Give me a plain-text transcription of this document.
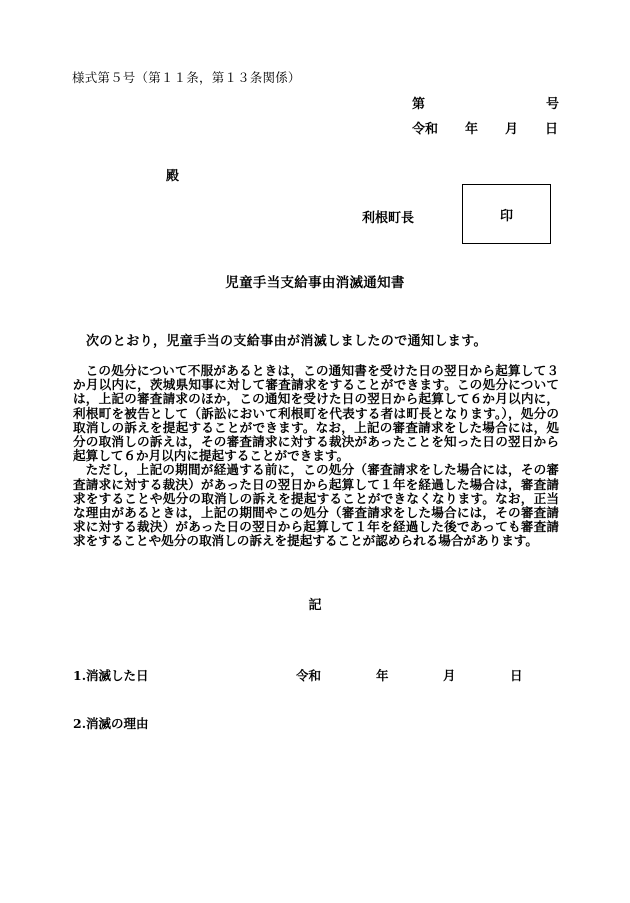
様式第５号（第１１条，第１３条関係）
第	号
令和 年 月 日
殿
利根町長	印
児童手当支給事由消滅通知書
次のとおり，児童手当の支給事由が消滅しましたので通知します。

この処分について不服があるときは，この通知書を受けた日の翌日から起算して３か月以内に，茨城県知事に対して審査請求をすることができます。この処分については，上記の審査請求のほか，この通知を受けた日の翌日から起算して６か月以内に，利根町を被告として（訴訟において利根町を代表する者は町長となります。），処分の取消しの訴えを提起することができます。なお，上記の審査請求をした場合には，処分の取消しの訴えは，その審査請求に対する裁決があったことを知った日の翌日から起算して６か月以内に提起することができます。

ただし，上記の期間が経過する前に，この処分（審査請求をした場合には，その審査請求に対する裁決）があった日の翌日から起算して１年を経過した場合は，審査請求をすることや処分の取消しの訴えを提起することができなくなります。なお，正当な理由があるときは，上記の期間やこの処分（審査請求をした場合には，その審査請求に対する裁決）があった日の翌日から起算して１年を経過した後であっても審査請求をすることや処分の取消しの訴えを提起することが認められる場合があります。

記
1.消滅した日	令和	年	月	日
2.消滅の理由
